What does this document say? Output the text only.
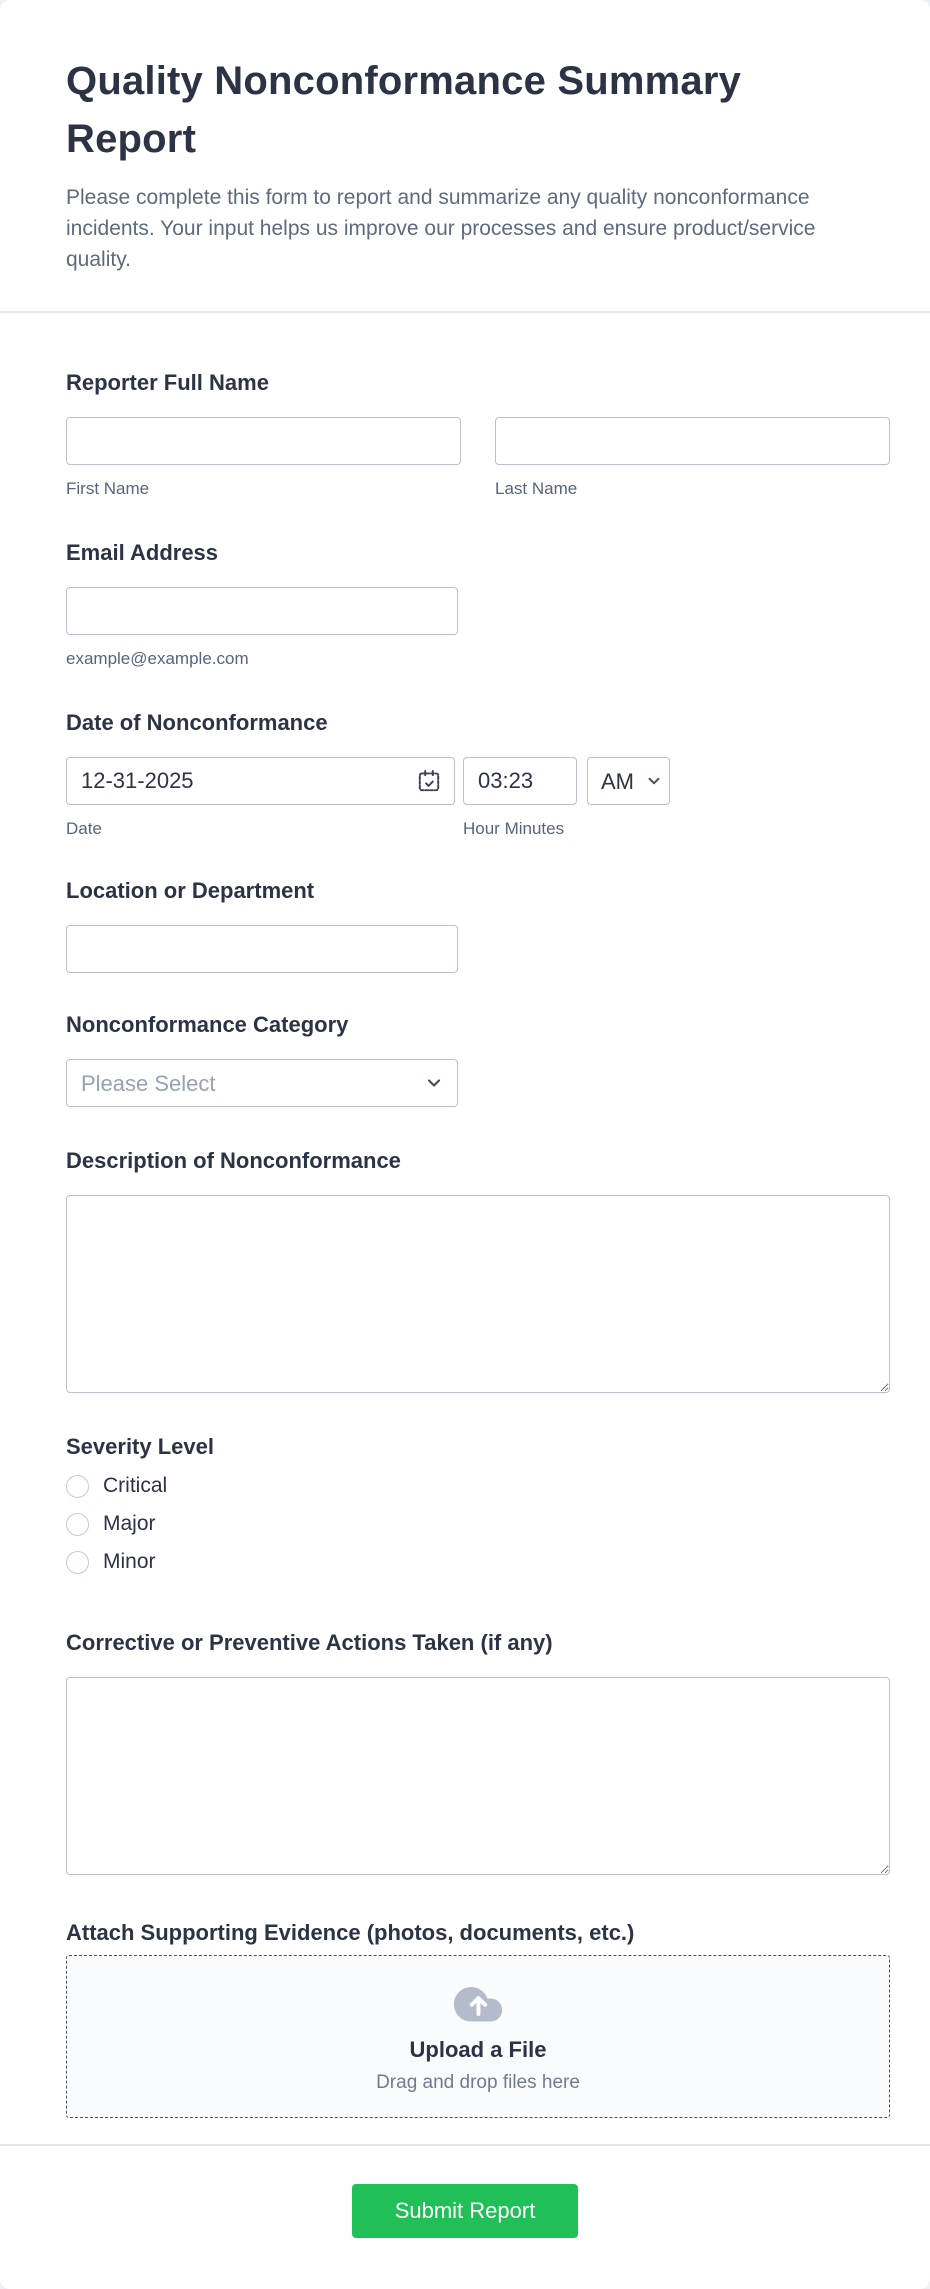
Quality Nonconformance Summary Report
Please complete this form to report and summarize any quality nonconformance incidents. Your input helps us improve our processes and ensure product/service quality.
Reporter Full Name
First Name	Last Name
Email Address
example@example.com
Date of Nonconformance
12-31-2025
03:23
AM
Date	Hour Minutes
Location or Department
Nonconformance Category
Please Select
Description of Nonconformance
Severity Level
Critical
Major
Minor
Corrective or Preventive Actions Taken (if any)
Attach Supporting Evidence (photos, documents, etc.)
Upload a File
Drag and drop files here
Submit Report
